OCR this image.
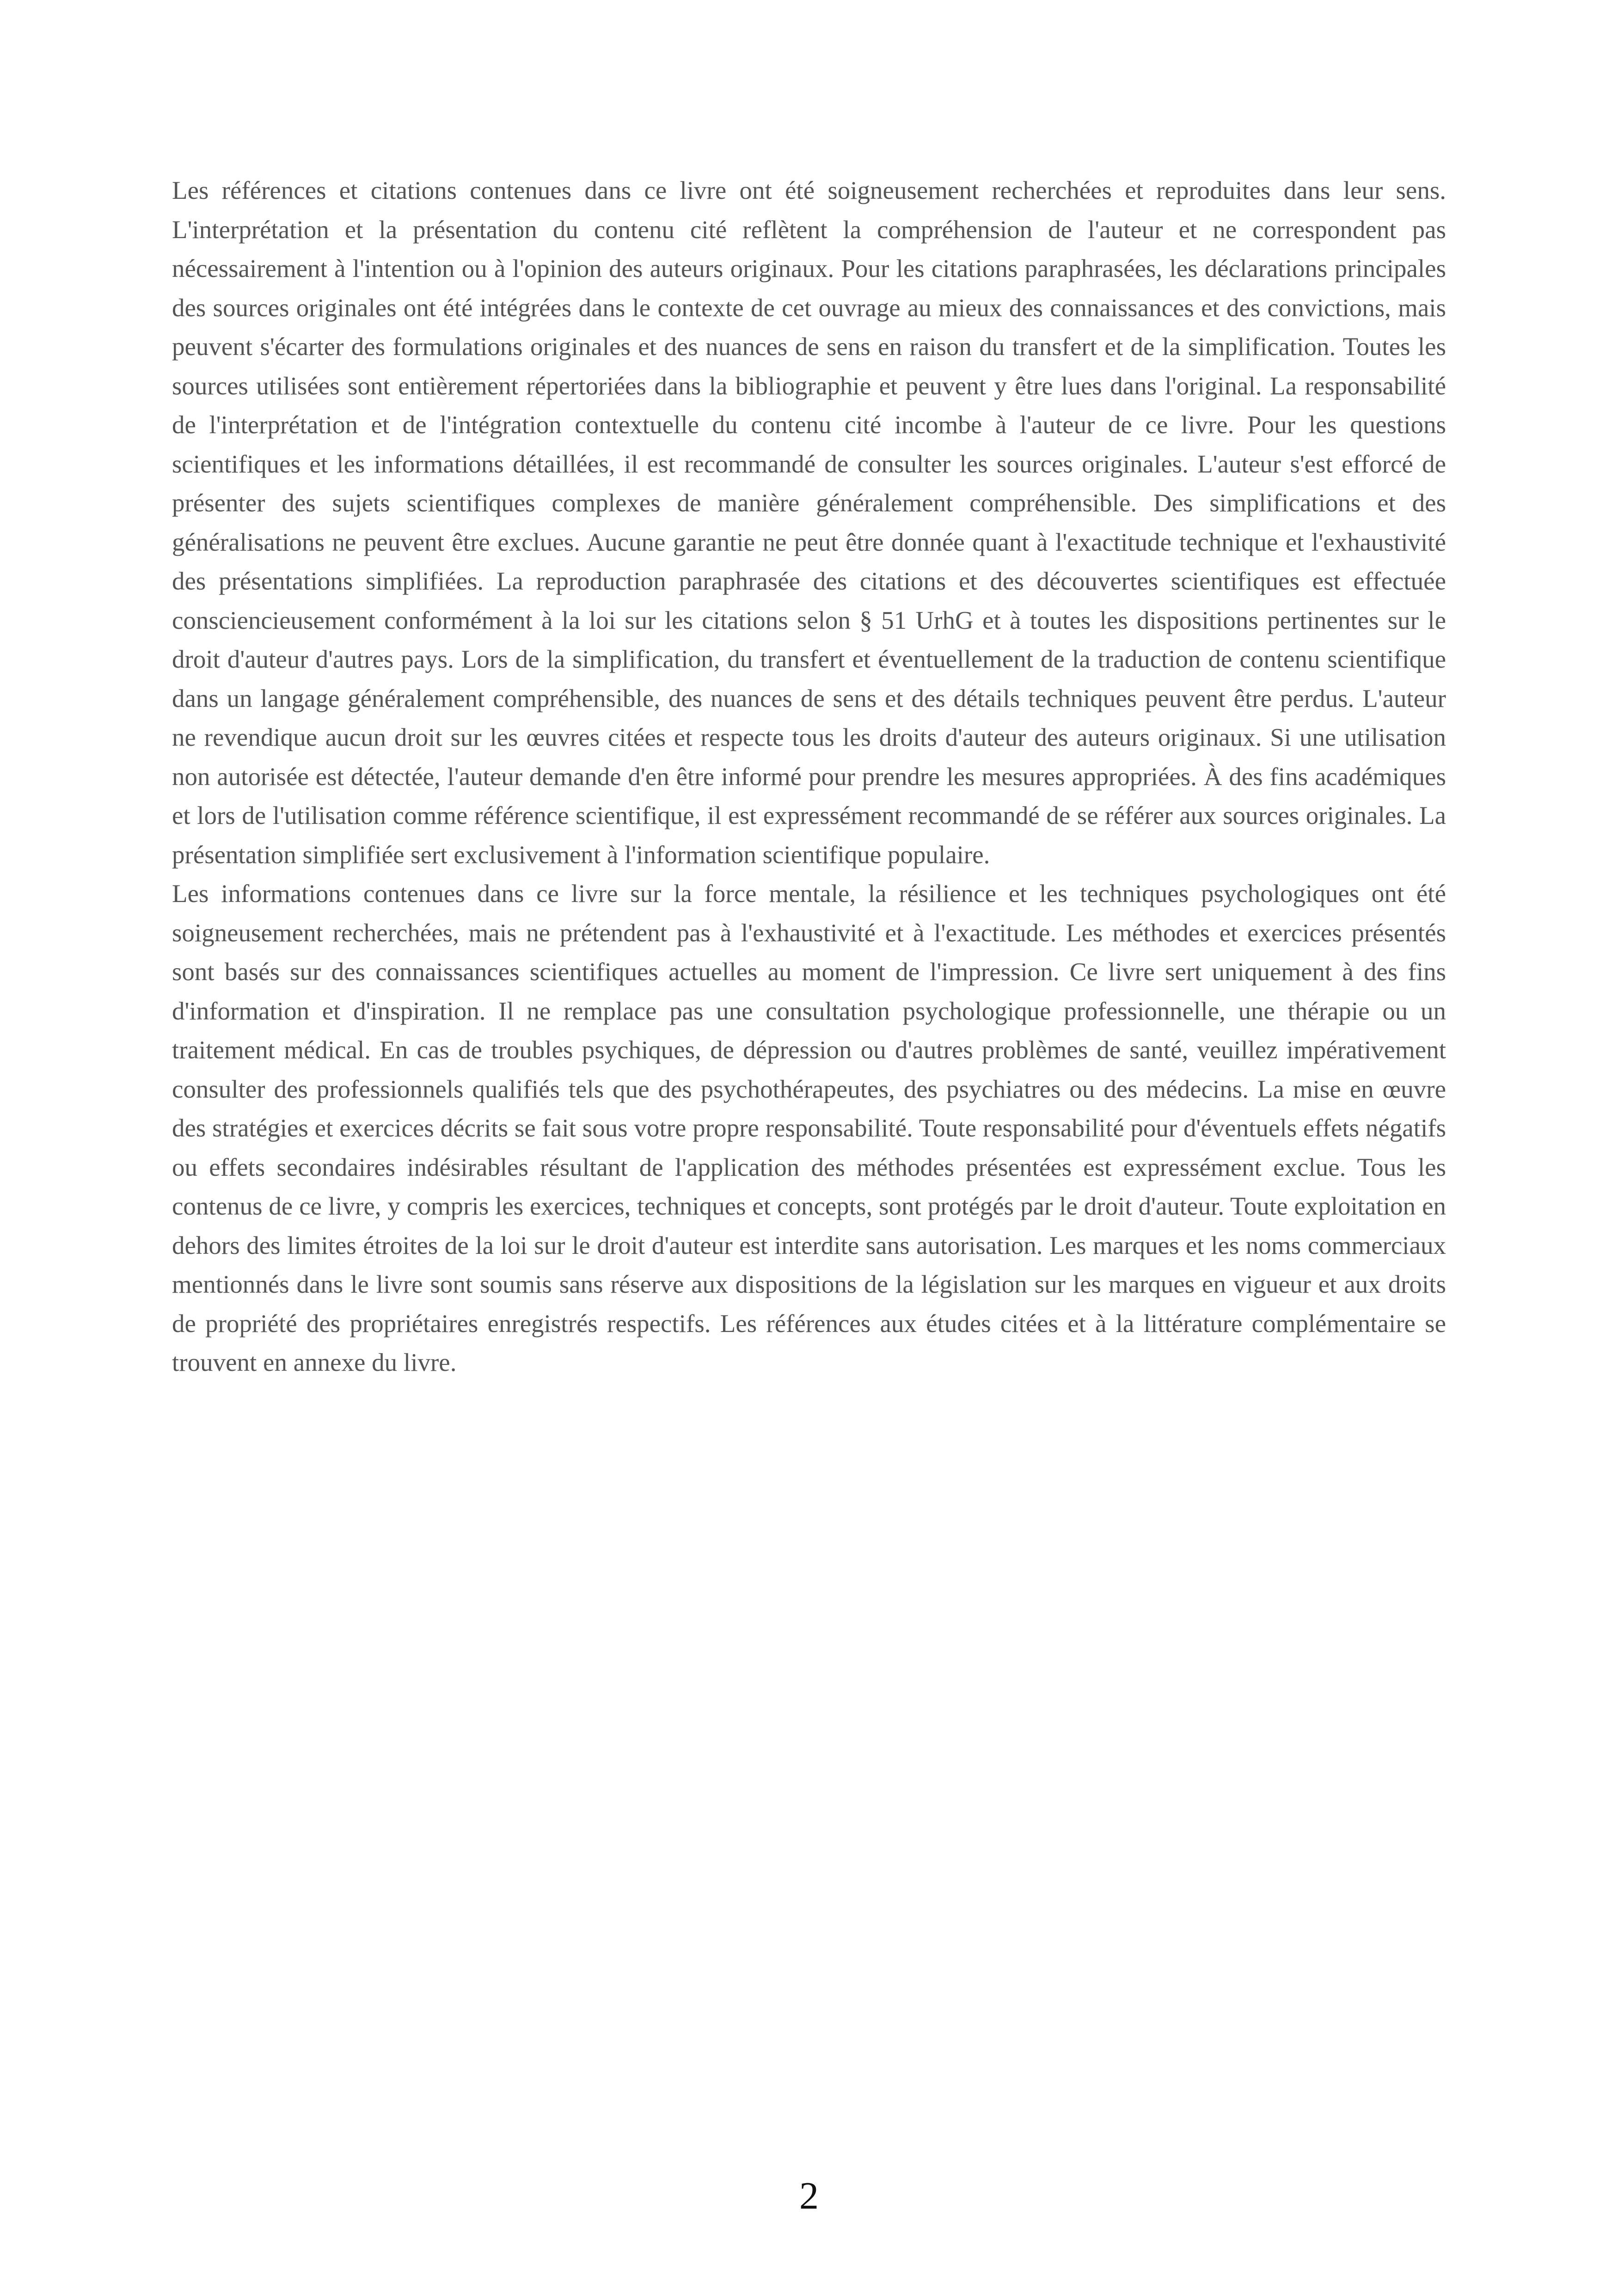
Les références et citations contenues dans ce livre ont été soigneusement recherchées et reproduites dans leur sens. L'interprétation et la présentation du contenu cité reflètent la compréhension de l'auteur et ne correspondent pas nécessairement à l'intention ou à l'opinion des auteurs originaux. Pour les citations paraphrasées, les déclarations principales des sources originales ont été intégrées dans le contexte de cet ouvrage au mieux des connaissances et des convictions, mais peuvent s'écarter des formulations originales et des nuances de sens en raison du transfert et de la simplification. Toutes les sources utilisées sont entièrement répertoriées dans la bibliographie et peuvent y être lues dans l'original. La responsabilité de l'interprétation et de l'intégration contextuelle du contenu cité incombe à l'auteur de ce livre. Pour les questions scientifiques et les informations détaillées, il est recommandé de consulter les sources originales. L'auteur s'est efforcé de présenter des sujets scientifiques complexes de manière généralement compréhensible. Des simplifications et des généralisations ne peuvent être exclues. Aucune garantie ne peut être donnée quant à l'exactitude technique et l'exhaustivité des présentations simplifiées. La reproduction paraphrasée des citations et des découvertes scientifiques est effectuée consciencieusement conformément à la loi sur les citations selon § 51 UrhG et à toutes les dispositions pertinentes sur le droit d'auteur d'autres pays. Lors de la simplification, du transfert et éventuellement de la traduction de contenu scientifique dans un langage généralement compréhensible, des nuances de sens et des détails techniques peuvent être perdus. L'auteur ne revendique aucun droit sur les œuvres citées et respecte tous les droits d'auteur des auteurs originaux. Si une utilisation non autorisée est détectée, l'auteur demande d'en être informé pour prendre les mesures appropriées. À des fins académiques et lors de l'utilisation comme référence scientifique, il est expressément recommandé de se référer aux sources originales. La présentation simplifiée sert exclusivement à l'information scientifique populaire.

Les informations contenues dans ce livre sur la force mentale, la résilience et les techniques psychologiques ont été soigneusement recherchées, mais ne prétendent pas à l'exhaustivité et à l'exactitude. Les méthodes et exercices présentés sont basés sur des connaissances scientifiques actuelles au moment de l'impression. Ce livre sert uniquement à des fins d'information et d'inspiration. Il ne remplace pas une consultation psychologique professionnelle, une thérapie ou un traitement médical. En cas de troubles psychiques, de dépression ou d'autres problèmes de santé, veuillez impérativement consulter des professionnels qualifiés tels que des psychothérapeutes, des psychiatres ou des médecins. La mise en œuvre des stratégies et exercices décrits se fait sous votre propre responsabilité. Toute responsabilité pour d'éventuels effets négatifs ou effets secondaires indésirables résultant de l'application des méthodes présentées est expressément exclue. Tous les contenus de ce livre, y compris les exercices, techniques et concepts, sont protégés par le droit d'auteur. Toute exploitation en dehors des limites étroites de la loi sur le droit d'auteur est interdite sans autorisation. Les marques et les noms commerciaux mentionnés dans le livre sont soumis sans réserve aux dispositions de la législation sur les marques en vigueur et aux droits de propriété des propriétaires enregistrés respectifs. Les références aux études citées et à la littérature complémentaire se trouvent en annexe du livre.

2
